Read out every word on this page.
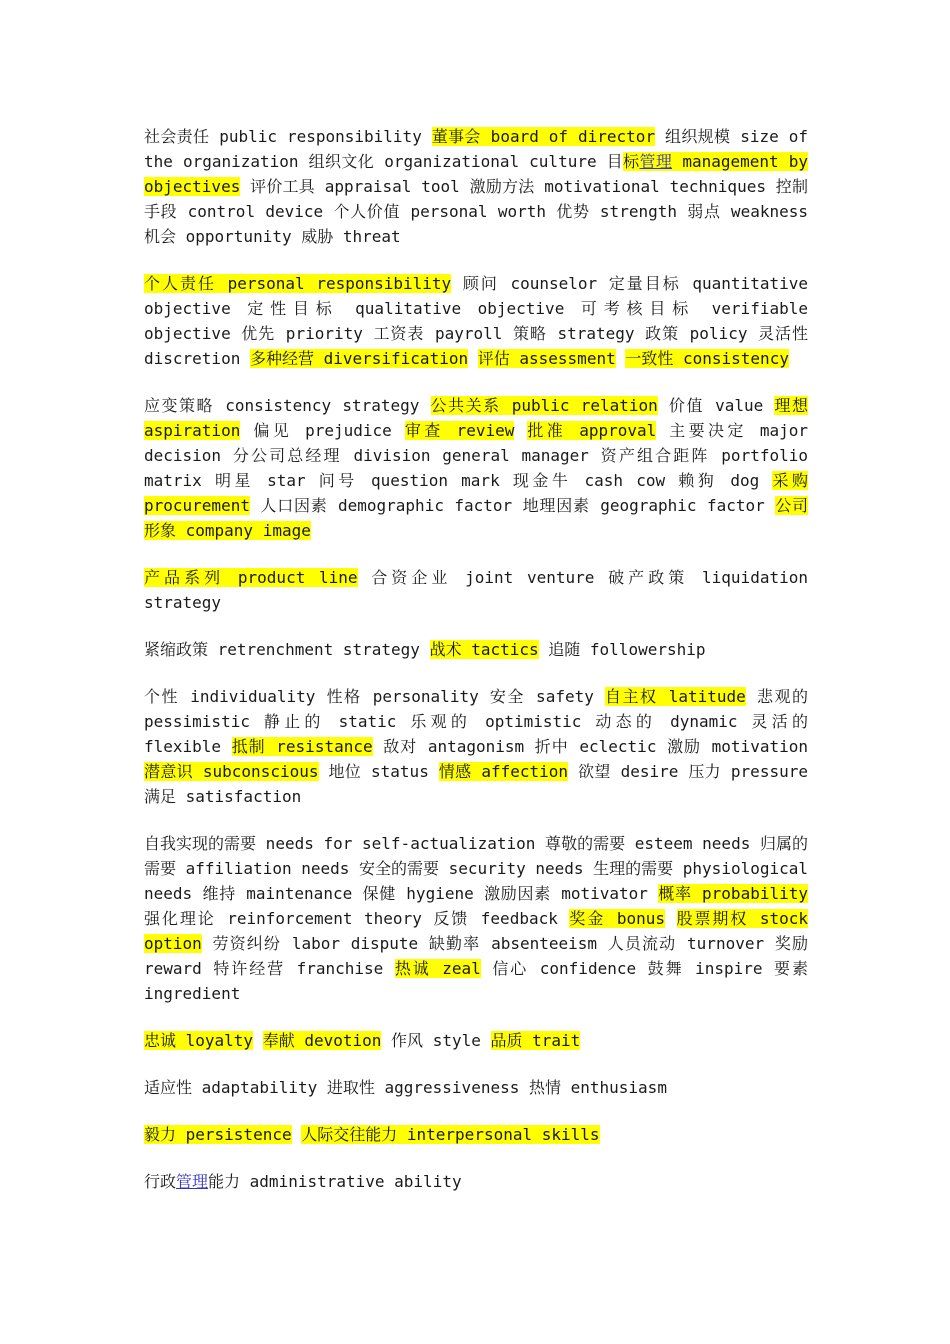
社会责任 public responsibility 董事会 board of director 组织规模 size of the organization 组织文化 organizational culture 目标管理 management by objectives 评价工具 appraisal tool 激励方法 motivational techniques 控制手段 control device 个人价值 personal worth 优势 strength 弱点 weakness 机会 opportunity 威胁 threat

个人责任 personal responsibility 顾问 counselor 定量目标 quantitative objective 定性目标 qualitative objective 可考核目标 verifiable objective 优先 priority 工资表 payroll 策略 strategy 政策 policy 灵活性 discretion 多种经营 diversification 评估 assessment 一致性 consistency

应变策略 consistency strategy 公共关系 public relation 价值 value 理想 aspiration 偏见 prejudice 审查 review 批准 approval 主要决定 major decision 分公司总经理 division general manager 资产组合距阵 portfolio matrix 明星 star 问号 question mark 现金牛 cash cow 赖狗 dog 采购 procurement 人口因素 demographic factor 地理因素 geographic factor 公司形象 company image

产品系列 product line 合资企业 joint venture 破产政策 liquidation strategy

紧缩政策 retrenchment strategy 战术 tactics 追随 followership

个性 individuality 性格 personality 安全 safety 自主权 latitude 悲观的 pessimistic 静止的 static 乐观的 optimistic 动态的 dynamic 灵活的 flexible 抵制 resistance 敌对 antagonism 折中 eclectic 激励 motivation 潜意识 subconscious 地位 status 情感 affection 欲望 desire 压力 pressure 满足 satisfaction

自我实现的需要 needs for self-actualization 尊敬的需要 esteem needs 归属的需要 affiliation needs 安全的需要 security needs 生理的需要 physiological needs 维持 maintenance 保健 hygiene 激励因素 motivator 概率 probability 强化理论 reinforcement theory 反馈 feedback 奖金 bonus 股票期权 stock option 劳资纠纷 labor dispute 缺勤率 absenteeism 人员流动 turnover 奖励 reward 特许经营 franchise 热诚 zeal 信心 confidence 鼓舞 inspire 要素 ingredient

忠诚 loyalty 奉献 devotion 作风 style 品质 trait

适应性 adaptability 进取性 aggressiveness 热情 enthusiasm

毅力 persistence 人际交往能力 interpersonal skills

行政管理能力 administrative ability
